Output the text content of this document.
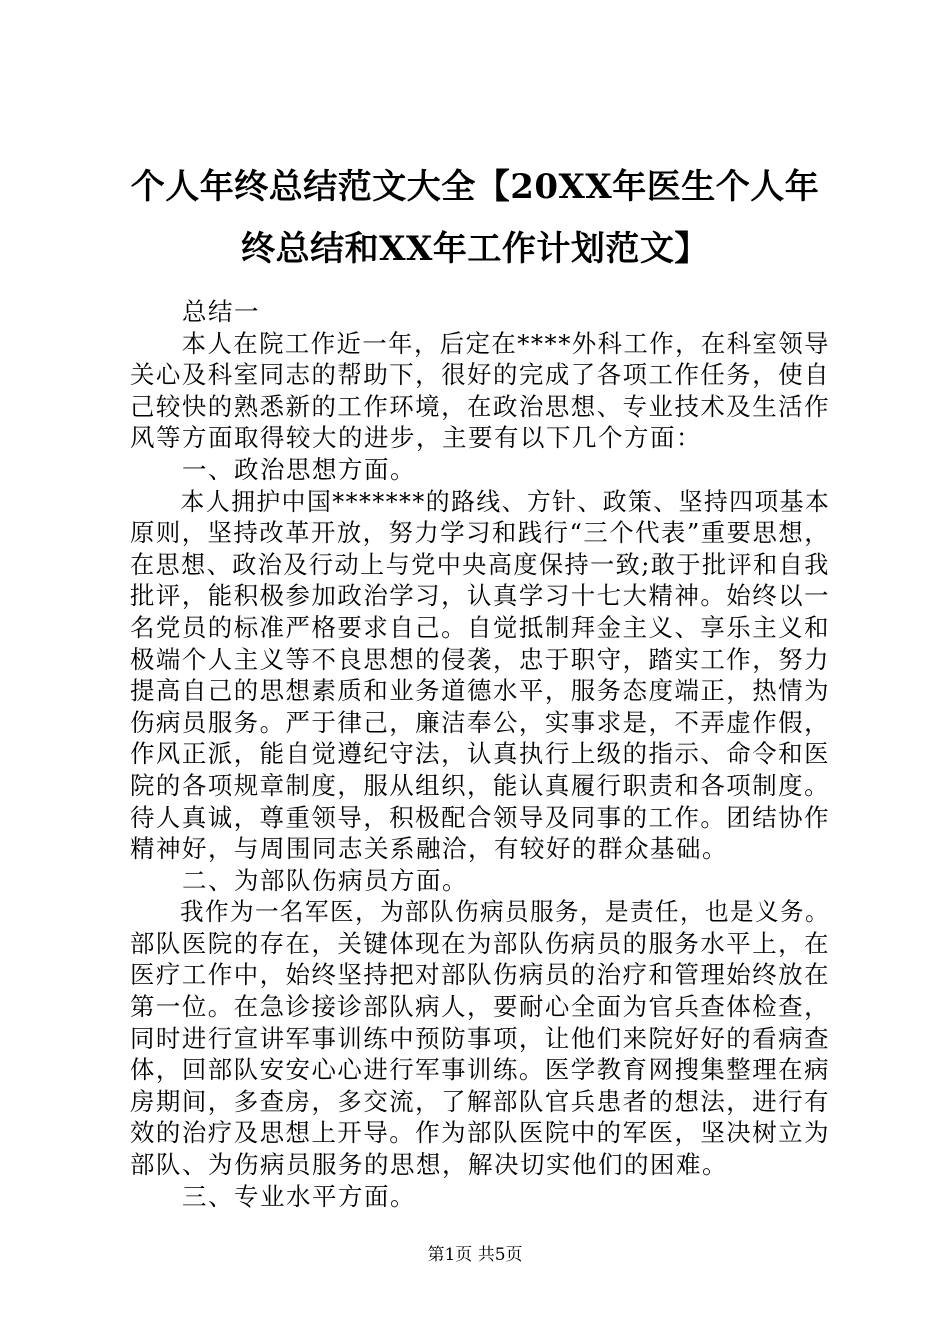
个人年终总结范文大全【20XX年医生个人年
终总结和XX年工作计划范文】
　　总结一
　　本人在院工作近一年，后定在****外科工作，在科室领导
关心及科室同志的帮助下，很好的完成了各项工作任务，使自
己较快的熟悉新的工作环境，在政治思想、专业技术及生活作
风等方面取得较大的进步，主要有以下几个方面：
　　一、政治思想方面。
　　本人拥护中国*******的路线、方针、政策、坚持四项基本
原则，坚持改革开放，努力学习和践行“三个代表”重要思想，
在思想、政治及行动上与党中央高度保持一致;敢于批评和自我
批评，能积极参加政治学习，认真学习十七大精神。始终以一
名党员的标准严格要求自己。自觉抵制拜金主义、享乐主义和
极端个人主义等不良思想的侵袭，忠于职守，踏实工作，努力
提高自己的思想素质和业务道德水平，服务态度端正，热情为
伤病员服务。严于律己，廉洁奉公，实事求是，不弄虚作假，
作风正派，能自觉遵纪守法，认真执行上级的指示、命令和医
院的各项规章制度，服从组织，能认真履行职责和各项制度。
待人真诚，尊重领导，积极配合领导及同事的工作。团结协作
精神好，与周围同志关系融洽，有较好的群众基础。
　　二、为部队伤病员方面。
　　我作为一名军医，为部队伤病员服务，是责任，也是义务。
部队医院的存在，关键体现在为部队伤病员的服务水平上，在
医疗工作中，始终坚持把对部队伤病员的治疗和管理始终放在
第一位。在急诊接诊部队病人，要耐心全面为官兵查体检查，
同时进行宣讲军事训练中预防事项，让他们来院好好的看病查
体，回部队安安心心进行军事训练。医学教育网搜集整理在病
房期间，多查房，多交流，了解部队官兵患者的想法，进行有
效的治疗及思想上开导。作为部队医院中的军医，坚决树立为
部队、为伤病员服务的思想，解决切实他们的困难。
　　三、专业水平方面。
第1页 共5页
